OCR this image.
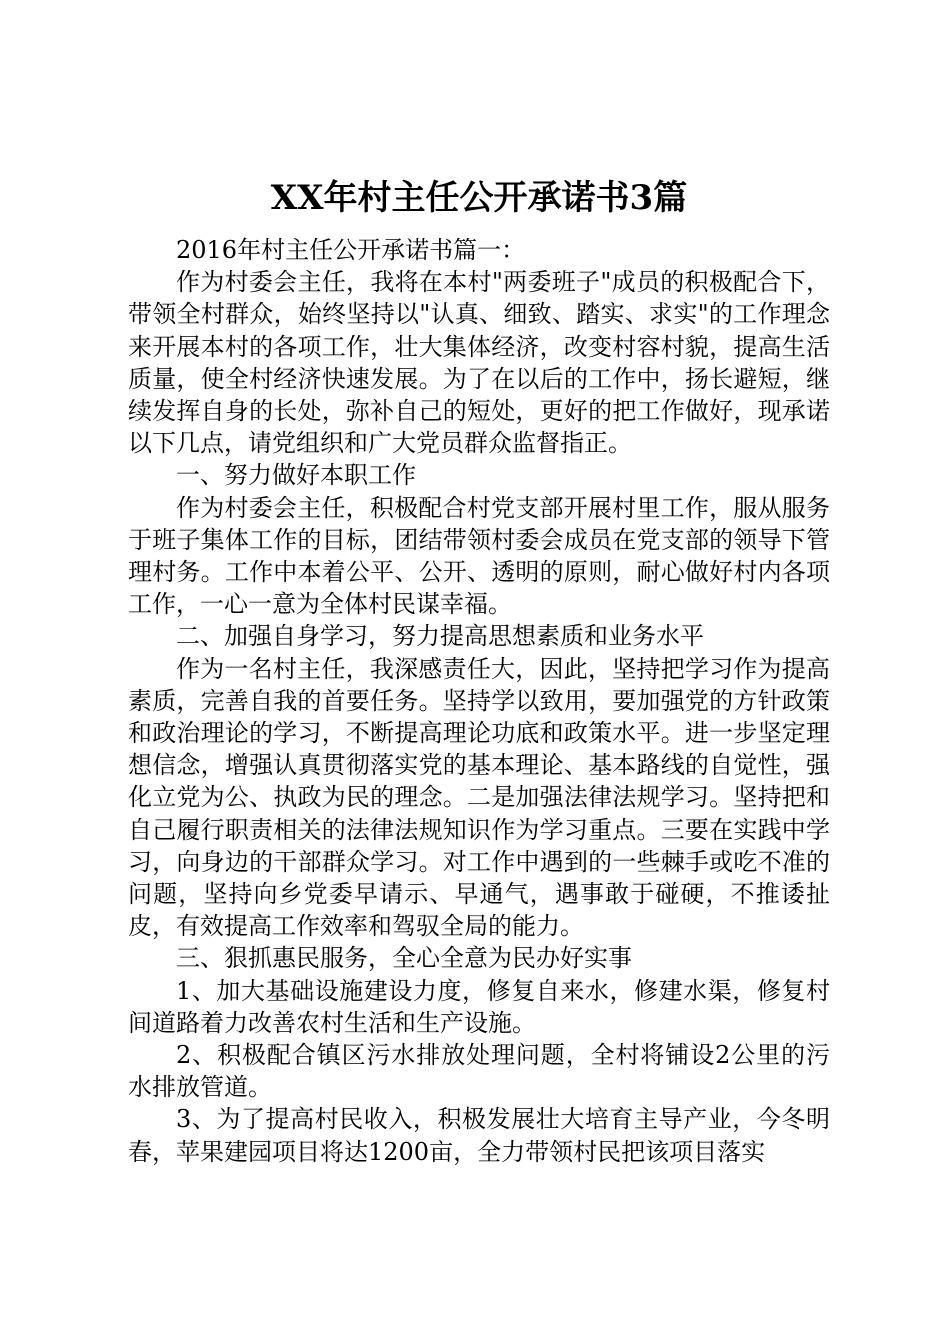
XX年村主任公开承诺书3篇

2016年村主任公开承诺书篇一：

作为村委会主任，我将在本村"两委班子"成员的积极配合下，带领全村群众，始终坚持以"认真、细致、踏实、求实"的工作理念来开展本村的各项工作，壮大集体经济，改变村容村貌，提高生活质量，使全村经济快速发展。为了在以后的工作中，扬长避短，继续发挥自身的长处，弥补自己的短处，更好的把工作做好，现承诺以下几点，请党组织和广大党员群众监督指正。

一、努力做好本职工作

作为村委会主任，积极配合村党支部开展村里工作，服从服务于班子集体工作的目标，团结带领村委会成员在党支部的领导下管理村务。工作中本着公平、公开、透明的原则，耐心做好村内各项工作，一心一意为全体村民谋幸福。

二、加强自身学习，努力提高思想素质和业务水平

作为一名村主任，我深感责任大，因此，坚持把学习作为提高素质，完善自我的首要任务。坚持学以致用，要加强党的方针政策和政治理论的学习，不断提高理论功底和政策水平。进一步坚定理想信念，增强认真贯彻落实党的基本理论、基本路线的自觉性，强化立党为公、执政为民的理念。二是加强法律法规学习。坚持把和自己履行职责相关的法律法规知识作为学习重点。三要在实践中学习，向身边的干部群众学习。对工作中遇到的一些棘手或吃不准的问题，坚持向乡党委早请示、早通气，遇事敢于碰硬，不推诿扯皮，有效提高工作效率和驾驭全局的能力。

三、狠抓惠民服务，全心全意为民办好实事

1、加大基础设施建设力度，修复自来水，修建水渠，修复村间道路着力改善农村生活和生产设施。

2、积极配合镇区污水排放处理问题，全村将铺设2公里的污水排放管道。

3、为了提高村民收入，积极发展壮大培育主导产业，今冬明春，苹果建园项目将达1200亩，全力带领村民把该项目落实
